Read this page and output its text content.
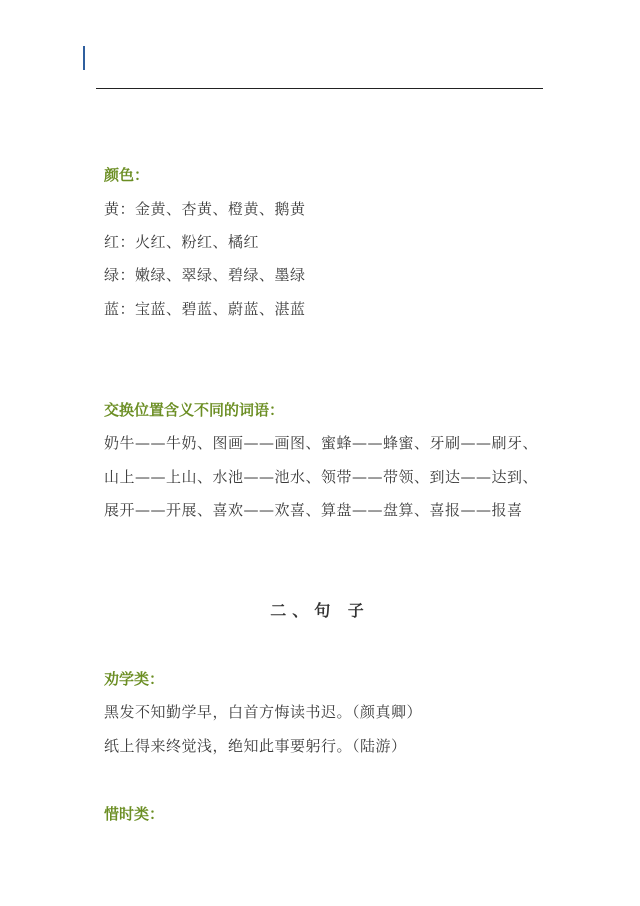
颜色：
黄：金黄、杏黄、橙黄、鹅黄
红：火红、粉红、橘红
绿：嫩绿、翠绿、碧绿、墨绿
蓝：宝蓝、碧蓝、蔚蓝、湛蓝
交换位置含义不同的词语：
奶牛——牛奶、图画——画图、蜜蜂——蜂蜜、牙刷——刷牙、
山上——上山、水池——池水、领带——带领、到达——达到、
展开——开展、喜欢——欢喜、算盘——盘算、喜报——报喜
二、句 子
劝学类：
黑发不知勤学早，白首方悔读书迟。（颜真卿）
纸上得来终觉浅，绝知此事要躬行。（陆游）
惜时类：
